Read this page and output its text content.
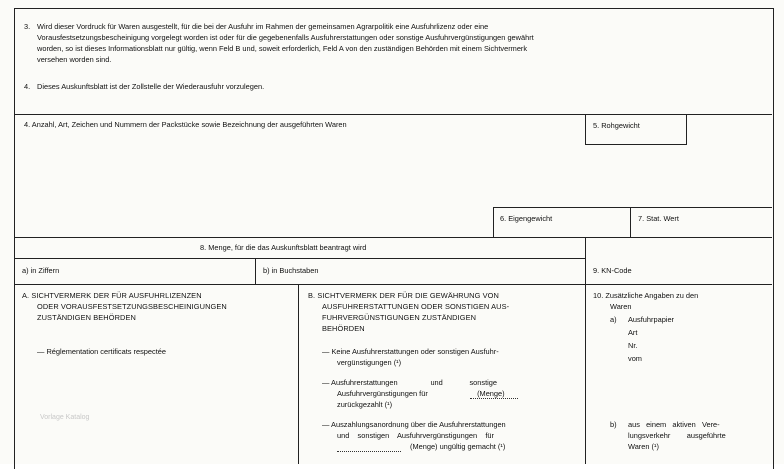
3. Wird dieser Vordruck für Waren ausgestellt, für die bei der Ausfuhr im Rahmen der gemeinsamen Agrarpolitik eine Ausfuhrlizenz oder eine
Vorausfestsetzungsbescheinigung vorgelegt worden ist oder für die gegebenenfalls Ausfuhrerstattungen oder sonstige Ausfuhrvergünstigungen gewährt
worden, so ist dieses Informationsblatt nur gültig, wenn Feld B und, soweit erforderlich, Feld A von den zuständigen Behörden mit einem Sichtvermerk
versehen worden sind.
4. Dieses Auskunftsblatt ist der Zollstelle der Wiederausfuhr vorzulegen.
4. Anzahl, Art, Zeichen und Nummern der Packstücke sowie Bezeichnung der ausgeführten Waren	5. Rohgewicht
6. Eigengewicht	7. Stat. Wert
8. Menge, für die das Auskunftsblatt beantragt wird
a) in Ziffern	b) in Buchstaben	9. KN-Code
A. SICHTVERMERK DER FÜR AUSFUHRLIZENZEN
ODER VORAUSFESTSETZUNGSBESCHEINIGUNGEN
ZUSTÄNDIGEN BEHÖRDEN
— Réglementation certificats respectée
B. SICHTVERMERK DER FÜR DIE GEWÄHRUNG VON
AUSFUHRERSTATTUNGEN ODER SONSTIGEN AUS-
FUHRVERGÜNSTIGUNGEN ZUSTÄNDIGEN
BEHÖRDEN
— Keine Ausfuhrerstattungen oder sonstigen Ausfuhr-
vergünstigungen (¹)
— Ausfuhrerstattungen                und             sonstige
Ausfuhrvergünstigungen für                        (Menge)
zurückgezahlt (¹)
— Auszahlungsanordnung über die Ausfuhrerstattungen
und    sonstigen    Ausfuhrvergünstigungen    für
(Menge) ungültig gemacht (¹)
10. Zusätzliche Angaben zu den
Waren
a) Ausfuhrpapier
Art
Nr.
vom
b) aus   einem   aktiven   Vere-
lungsverkehr        ausgeführte
Waren (¹)
Vorlage Katalog
